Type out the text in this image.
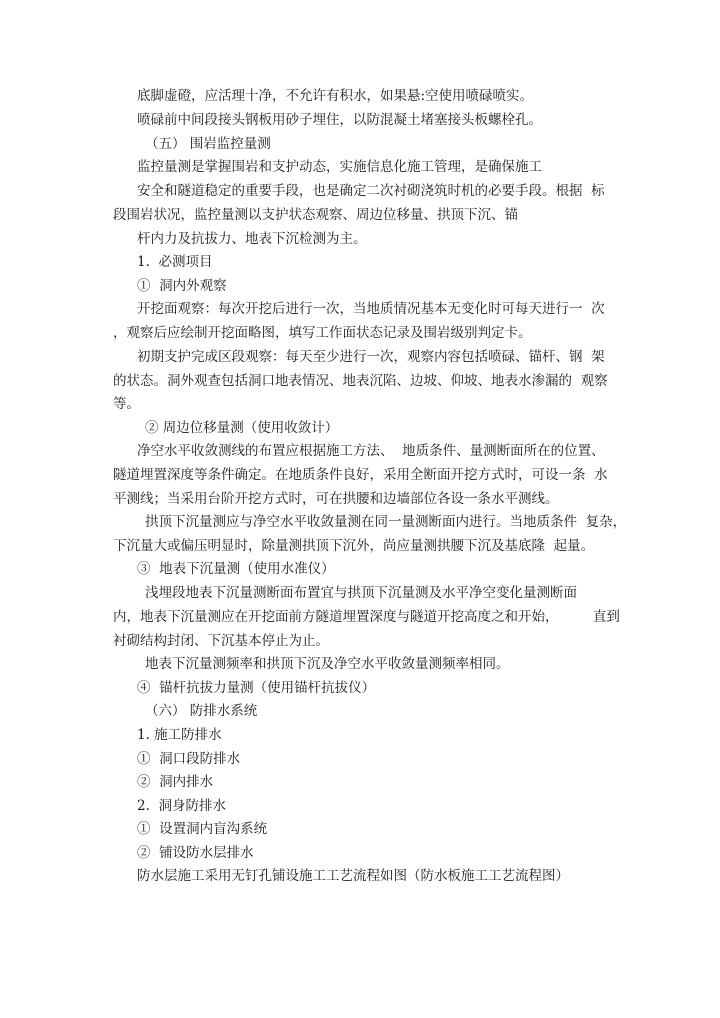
底脚虚磴，应活理十净，不允许有积水，如果悬:空使用喷碌喷实。

喷碌前中间段接头钢板用砂子埋住，以防混凝土堵塞接头板螺栓孔。

（五） 围岩监控量测

监控量测是掌握围岩和支护动态，实施信息化施工管理，是确保施工

安全和隧道稳定的重要手段，也是确定二次衬砌浇筑时机的必要手段。根据  标

段围岩状况，监控量测以支护状态观察、周边位移量、拱顶下沉、锚

杆内力及抗拔力、地表下沉检测为主。

1.  必测项目

①  洞内外观察

开挖面观察：每次开挖后进行一次，当地质情况基本无变化时可每天进行一  次

，观察后应绘制开挖面略图，填写工作面状态记录及围岩级别判定卡。

初期支护完成区段观察：每天至少进行一次，观察内容包括喷碌、锚杆、钢  架

的状态。洞外观查包括洞口地表情况、地表沉陷、边坡、仰坡、地表水渗漏的  观察

等。

② 周边位移量测（使用收敛计）

净空水平收敛测线的布置应根据施工方法、  地质条件、量测断面所在的位置、

隧道埋置深度等条件确定。在地质条件良好，采用全断面开挖方式时，可设一条  水

平测线；当采用台阶开挖方式时，可在拱腰和边墙部位各设一条水平测线。

拱顶下沉量测应与净空水平收敛量测在同一量测断面内进行。当地质条件  复杂，

下沉量大或偏压明显时，除量测拱顶下沉外，尚应量测拱腰下沉及基底隆  起量。

③  地表下沉量测（使用水准仪）

浅埋段地表下沉量测断面布置宜与拱顶下沉量测及水平净空变化量测断面

内，地表下沉量测应在开挖面前方隧道埋置深度与隧道开挖高度之和开始，        直到

衬砌结构封闭、下沉基本停止为止。

地表下沉量测频率和拱顶下沉及净空水平收敛量测频率相同。

④  锚杆抗拔力量测（使用锚杆抗拔仪）

（六） 防排水系统

1. 施工防排水

①  洞口段防排水

②  洞内排水

2.  洞身防排水

①  设置洞内盲沟系统

②  铺设防水层排水

防水层施工采用无钉孔铺设施工工艺流程如图（防水板施工工艺流程图）
